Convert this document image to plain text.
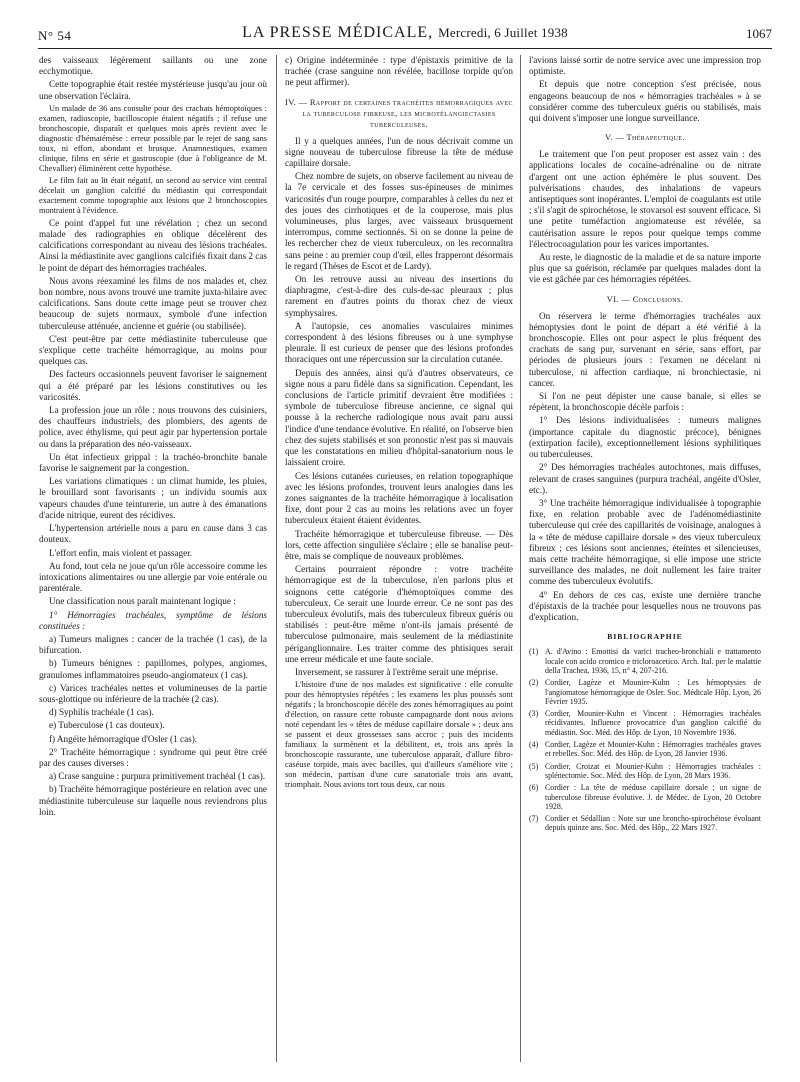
N° 54	LA PRESSE MÉDICALE, Mercredi, 6 Juillet 1938	1067

des vaisseaux légèrement saillants ou une zone ecchymotique.

Cette topographie était restée mystérieuse jusqu'au jour où une observation l'éclaira.

Un malade de 36 ans consulte pour des crachats hémoptoïques : examen, radioscopie, bacilloscopie étaient négatifs ; il refuse une bronchoscopie, disparaît et quelques mois après revient avec le diagnostic d'hématémèse : erreur possible par le rejet de sang sans toux, ni effort, abondant et brusque. Anamnestiques, examen clinique, films en série et gastroscopie (due à l'obligeance de M. Chevallier) éliminèrent cette hypothèse.

Le film fait au lit était négatif, un second au service vint central décelait un ganglion calcifié du médiastin qui correspondait exactement comme topographie aux lésions que 2 bronchoscopies montraient à l'évidence.

Ce point d'appel fut une révélation ; chez un second malade des radiographies en oblique décelèrent des calcifications correspondant au niveau des lésions trachéales. Ainsi la médiastinite avec ganglions calcifiés fixait dans 2 cas le point de départ des hémorragies trachéales.

Nous avons réexaminé les films de nos malades et, chez bon nombre, nous avons trouvé une tramite juxta-hilaire avec calcifications. Sans doute cette image peut se trouver chez beaucoup de sujets normaux, symbole d'une infection tuberculeuse atténuée, ancienne et guérie (ou stabilisée).

C'est peut-être par cette médiastinite tuberculeuse que s'explique cette trachéite hémorragique, au moins pour quelques cas.

Des facteurs occasionnels peuvent favoriser le saignement qui a été préparé par les lésions constitutives ou les varicosités.

La profession joue un rôle : nous trouvons des cuisiniers, des chauffeurs industriels, des plombiers, des agents de police, avec éthylisme, qui peut agir par hypertension portale ou dans la préparation des néo-vaisseaux.

Un état infectieux grippal : la trachéo-bronchite banale favorise le saignement par la congestion.

Les variations climatiques : un climat humide, les pluies, le brouillard sont favorisants ; un individu soumis aux vapeurs chaudes d'une teinturerie, un autre à des émanations d'acide nitrique, eurent des récidives.

L'hypertension artérielle nous a paru en cause dans 3 cas douteux.

L'effort enfin, mais violent et passager.

Au fond, tout cela ne joue qu'un rôle accessoire comme les intoxications alimentaires ou une allergie par voie entérale ou parentérale.

Une classification nous paraît maintenant logique :

1° Hémorragies trachéales, symptôme de lésions constituées :

a) Tumeurs malignes : cancer de la trachée (1 cas), de la bifurcation.

b) Tumeurs bénignes : papillomes, polypes, angiomes, granulomes inflammatoires pseudo-angiomateux (1 cas).

c) Varices trachéales nettes et volumineuses de la partie sous-glottique ou inférieure de la trachée (2 cas).

d) Syphilis trachéale (1 cas).

e) Tuberculose (1 cas douteux).

f) Angéite hémorragique d'Osler (1 cas).

2° Trachéite hémorragique : syndrome qui peut être créé par des causes diverses :

a) Crase sanguine : purpura primitivement trachéal (1 cas).

b) Trachéite hémorragique postérieure en relation avec une médiastinite tuberculeuse sur laquelle nous reviendrons plus loin.

c) Origine indéterminée : type d'épistaxis primitive de la trachée (crase sanguine non révélée, bacillose torpide qu'on ne peut affirmer).

IV. — Rapport de certaines trachéites hémorragiques avec la tuberculose fibreuse, les microtélangiectasies tuberculeuses.

Il y a quelques années, l'un de nous décrivait comme un signe nouveau de tuberculose fibreuse la tête de méduse capillaire dorsale.

Chez nombre de sujets, on observe facilement au niveau de la 7e cervicale et des fosses sus-épineuses de minimes varicosités d'un rouge pourpre, comparables à celles du nez et des joues des cirrhotiques et de la couperose, mais plus volumineuses, plus larges, avec vaisseaux brusquement interrompus, comme sectionnés. Si on se donne la peine de les rechercher chez de vieux tuberculeux, on les reconnaîtra sans peine : au premier coup d'œil, elles frapperont désormais le regard (Thèses de Escot et de Lardy).

On les retrouve aussi au niveau des insertions du diaphragme, c'est-à-dire des culs-de-sac pleuraux ; plus rarement en d'autres points du thorax chez de vieux symphysaires.

A l'autopsie, ces anomalies vasculaires minimes correspondent à des lésions fibreuses ou à une symphyse pleurale. Il est curieux de penser que des lésions profondes thoraciques ont une répercussion sur la circulation cutanée.

Depuis des années, ainsi qu'à d'autres observateurs, ce signe nous a paru fidèle dans sa signification. Cependant, les conclusions de l'article primitif devraient être modifiées : symbole de tuberculose fibreuse ancienne, ce signal qui pousse à la recherche radiologique nous avait paru aussi l'indice d'une tendance évolutive. En réalité, on l'observe bien chez des sujets stabilisés et son pronostic n'est pas si mauvais que les constatations en milieu d'hôpital-sanatorium nous le laissaient croire.

Ces lésions cutanées curieuses, en relation topographique avec les lésions profondes, trouvent leurs analogies dans les zones saignantes de la trachéite hémorragique à localisation fixe, dont pour 2 cas au moins les relations avec un foyer tuberculeux étaient étaient évidentes.

Trachéite hémorragique et tuberculeuse fibreuse. — Dès lors, cette affection singulière s'éclaire ; elle se banalise peut-être, mais se complique de nouveaux problèmes.

Certains pourraient répondre : votre trachéite hémorragique est de la tuberculose, n'en parlons plus et soignons cette catégorie d'hémoptoïques comme des tuberculeux. Ce serait une lourde erreur. Ce ne sont pas des tuberculeux évolutifs, mais des tuberculeux fibreux guéris ou stabilisés : peut-être même n'ont-ils jamais présenté de tuberculose pulmonaire, mais seulement de la médiastinite périganglionnaire. Les traiter comme des phtisiques serait une erreur médicale et une faute sociale.

Inversement, se rassurer à l'extrême serait une méprise.

L'histoire d'une de nos malades est significative : elle consulte pour des hémoptysies répétées ; les examens les plus poussés sont négatifs ; la bronchoscopie décèle des zones hémorragiques au point d'élection, on rassure cette robuste campagnarde dont nous avions noté cependant les « têtes de méduse capillaire dorsale » ; deux ans se passent et deux grossesses sans accroc ; puis des incidents familiaux la surmènent et la débilitent, et, trois ans après la bronchoscopie rassurante, une tuberculose apparaît, d'allure fibro-caséuse torpide, mais avec bacilles, qui d'ailleurs s'améliore vite ; son médecin, partisan d'une cure sanatoriale trois ans avant, triomphait. Nous avions tort tous deux, car nous

l'avions laissé sortir de notre service avec une impression trop optimiste.

Et depuis que notre conception s'est précisée, nous engageons beaucoup de nos « hémorragies trachéales » à se considérer comme des tuberculeux guéris ou stabilisés, mais qui doivent s'imposer une longue surveillance.

V. — Thérapeutique.

Le traitement que l'on peut proposer est assez vain : des applications locales de cocaïne-adrénaline ou de nitrate d'argent ont une action éphémère le plus souvent. Des pulvérisations chaudes, des inhalations de vapeurs antiseptiques sont inopérantes. L'emploi de coagulants est utile ; s'il s'agit de spirochétose, le stovarsol est souvent efficace. Si une petite tuméfaction angiomateuse est révélée, sa cautérisation assure le repos pour quelque temps comme l'électrocoagulation pour les varices importantes.

Au reste, le diagnostic de la maladie et de sa nature importe plus que sa guérison, réclamée par quelques malades dont la vie est gâchée par ces hémorragies répétées.

VI. — Conclusions.

On réservera le terme d'hémorragies trachéales aux hémoptysies dont le point de départ a été vérifié à la bronchoscopie. Elles ont pour aspect le plus fréquent des crachats de sang pur, survenant en série, sans effort, par périodes de plusieurs jours : l'examen ne décelant ni tuberculose, ni affection cardiaque, ni bronchiectasie, ni cancer.

Si l'on ne peut dépister une cause banale, si elles se répètent, la bronchoscopie décèle parfois :

1° Des lésions individualisées : tumeurs malignes (importance capitale du diagnostic précoce), bénignes (extirpation facile), exceptionnellement lésions syphilitiques ou tuberculeuses.

2° Des hémorragies trachéales autochtones, mais diffuses, relevant de crases sanguines (purpura trachéal, angéite d'Osler, etc.).

3° Une trachéite hémorragique individualisée à topographie fixe, en relation probable avec de l'adénomédiastinite tuberculeuse qui crée des capillarités de voisinage, analogues à la « tête de méduse capillaire dorsale » des vieux tuberculeux fibreux ; ces lésions sont anciennes, éteintes et silencieuses, mais cette trachéite hémorragique, si elle impose une stricte surveillance des malades, ne doit nullement les faire traiter comme des tuberculeux évolutifs.

4° En dehors de ces cas, existe une dernière tranche d'épistaxis de la trachée pour lesquelles nous ne trouvons pas d'explication.

BIBLIOGRAPHIE

(1) A. d'Avino : Emottisi da varici tracheo-bronchiali e trattamento locale con acido cromico e tricloroacetico. Arch. Ital. per le malattie della Trachea, 1936, 15, n° 4, 207-216.

(2) Cordier, Lagèze et Mounier-Kuhn : Les hémoptysies de l'angiomatose hémorragique de Osler. Soc. Médicale Hôp. Lyon, 26 Février 1935.

(3) Cordier, Mounier-Kuhn et Vincent : Hémorragies trachéales récidivantes. Influence provocatrice d'un ganglion calcifié du médiastin. Soc. Méd. des Hôp. de Lyon, 10 Novembre 1936.

(4) Cordier, Lagèze et Mounier-Kuhn : Hémorragies trachéales graves et rebelles. Soc. Méd. des Hôp. de Lyon, 28 Janvier 1936.

(5) Cordier, Croizat et Mounier-Kuhn : Hémorragies trachéales : splénectomie. Soc. Méd. des Hôp. de Lyon, 28 Mars 1936.

(6) Cordier : La tête de méduse capillaire dorsale ; un signe de tuberculose fibreuse évolutive. J. de Médec. de Lyon, 20 Octobre 1928.

(7) Cordier et Sédallian : Note sur une broncho-spirochétose évoluant depuis quinze ans. Soc. Méd. des Hôp., 22 Mars 1927.
